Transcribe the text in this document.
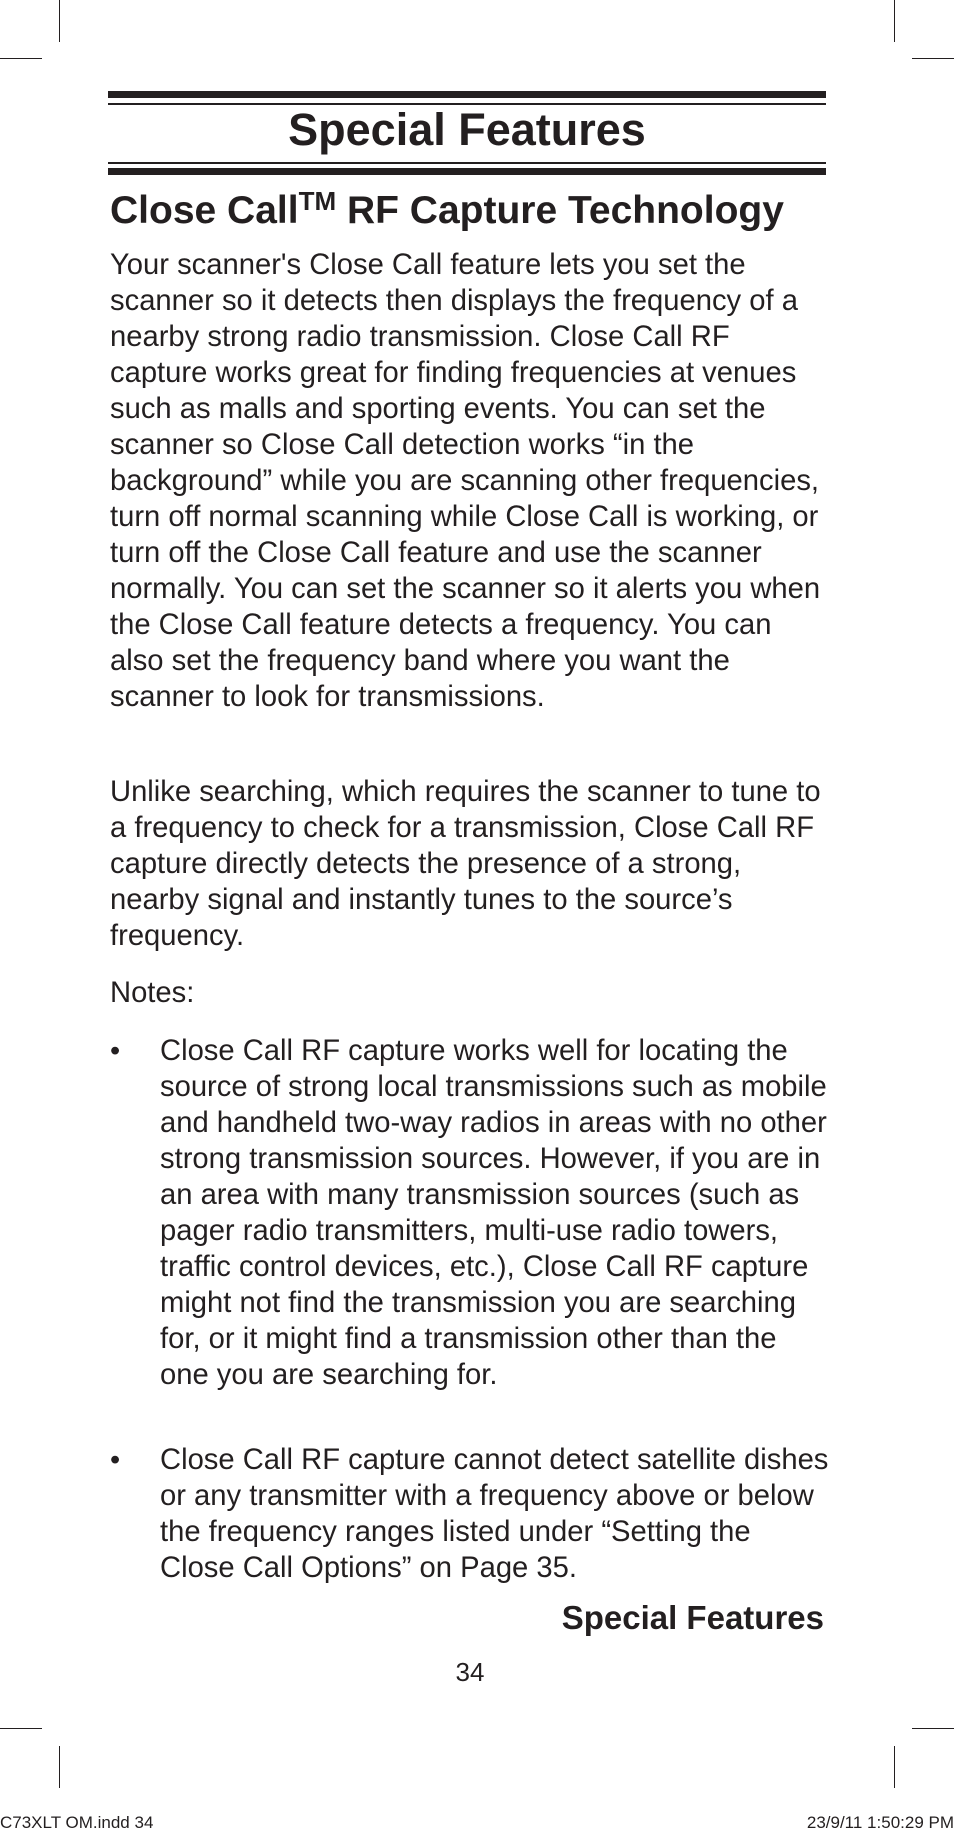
Special Features
Close Call™ RF Capture Technology
Your scanner's Close Call feature lets you set the scanner so it detects then displays the frequency of a nearby strong radio transmission. Close Call RF capture works great for finding frequencies at venues such as malls and sporting events. You can set the scanner so Close Call detection works “in the background” while you are scanning other frequencies, turn off normal scanning while Close Call is working, or turn off the Close Call feature and use the scanner normally. You can set the scanner so it alerts you when the Close Call feature detects a frequency. You can also set the frequency band where you want the scanner to look for transmissions.
Unlike searching, which requires the scanner to tune to a frequency to check for a transmission, Close Call RF capture directly detects the presence of a strong, nearby signal and instantly tunes to the source’s frequency.
Notes:
• Close Call RF capture works well for locating the source of strong local transmissions such as mobile and handheld two-way radios in areas with no other strong transmission sources. However, if you are in an area with many transmission sources (such as pager radio transmitters, multi-use radio towers, traffic control devices, etc.), Close Call RF capture might not find the transmission you are searching for, or it might find a transmission other than the one you are searching for.
• Close Call RF capture cannot detect satellite dishes or any transmitter with a frequency above or below the frequency ranges listed under “Setting the Close Call Options” on Page 35.
Special Features
34
C73XLT OM.indd 34	23/9/11 1:50:29 PM
